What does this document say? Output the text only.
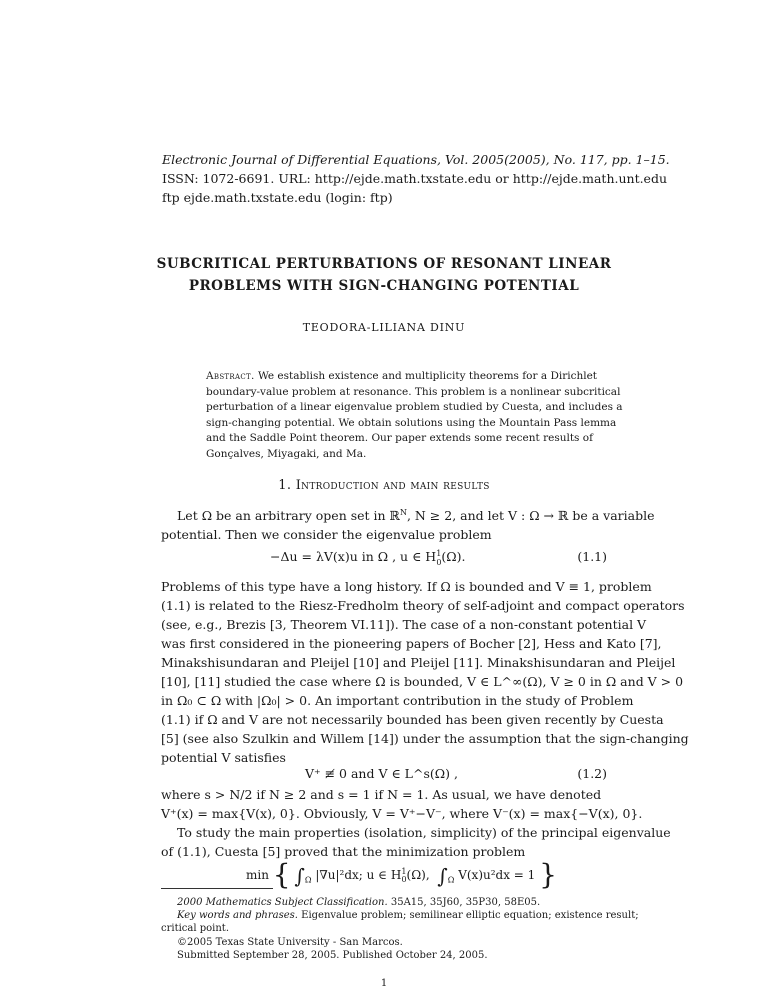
Electronic Journal of Differential Equations, Vol. 2005(2005), No. 117, pp. 1–15.
ISSN: 1072-6691. URL: http://ejde.math.txstate.edu or http://ejde.math.unt.edu
ftp ejde.math.txstate.edu (login: ftp)
SUBCRITICAL PERTURBATIONS OF RESONANT LINEAR
PROBLEMS WITH SIGN-CHANGING POTENTIAL
TEODORA-LILIANA DINU
Abstract. We establish existence and multiplicity theorems for a Dirichlet
boundary-value problem at resonance. This problem is a nonlinear subcritical
perturbation of a linear eigenvalue problem studied by Cuesta, and includes a
sign-changing potential. We obtain solutions using the Mountain Pass lemma
and the Saddle Point theorem. Our paper extends some recent results of
Gonçalves, Miyagaki, and Ma.
1. Introduction and main results
Let Ω be an arbitrary open set in ℝ$^N$, N ≥ 2, and let V : Ω → ℝ be a variable
potential. Then we consider the eigenvalue problem
−Δu = λV(x)u in Ω , u ∈ $H^1_0(\Omega)$.	(1.1)
Problems of this type have a long history. If Ω is bounded and V ≡ 1, problem
(1.1) is related to the Riesz-Fredholm theory of self-adjoint and compact operators
(see, e.g., Brezis [3, Theorem VI.11]). The case of a non-constant potential V
was first considered in the pioneering papers of Bocher [2], Hess and Kato [7],
Minakshisundaran and Pleijel [10] and Pleijel [11]. Minakshisundaran and Pleijel
[10], [11] studied the case where Ω is bounded, V ∈ L^∞(Ω), V ≥ 0 in Ω and V > 0
in Ω₀ ⊂ Ω with |Ω₀| > 0. An important contribution in the study of Problem
(1.1) if Ω and V are not necessarily bounded has been given recently by Cuesta
[5] (see also Szulkin and Willem [14]) under the assumption that the sign-changing
potential V satisfies
V⁺ ≢ 0 and V ∈ L^s(Ω) ,	(1.2)
where s > N/2 if N ≥ 2 and s = 1 if N = 1. As usual, we have denoted
V⁺(x) = max{V(x), 0}. Obviously, V = V⁺−V⁻, where V⁻(x) = max{−V(x), 0}.
To study the main properties (isolation, simplicity) of the principal eigenvalue
of (1.1), Cuesta [5] proved that the minimization problem
min { $\int_\Omega$ |∇u|²dx; u ∈ $H^1_0(\Omega)$, $\int_\Omega$ V(x)u²dx = 1 }
2000 Mathematics Subject Classification. 35A15, 35J60, 35P30, 58E05.
Key words and phrases. Eigenvalue problem; semilinear elliptic equation; existence result;
critical point.
©2005 Texas State University - San Marcos.
Submitted September 28, 2005. Published October 24, 2005.
1
